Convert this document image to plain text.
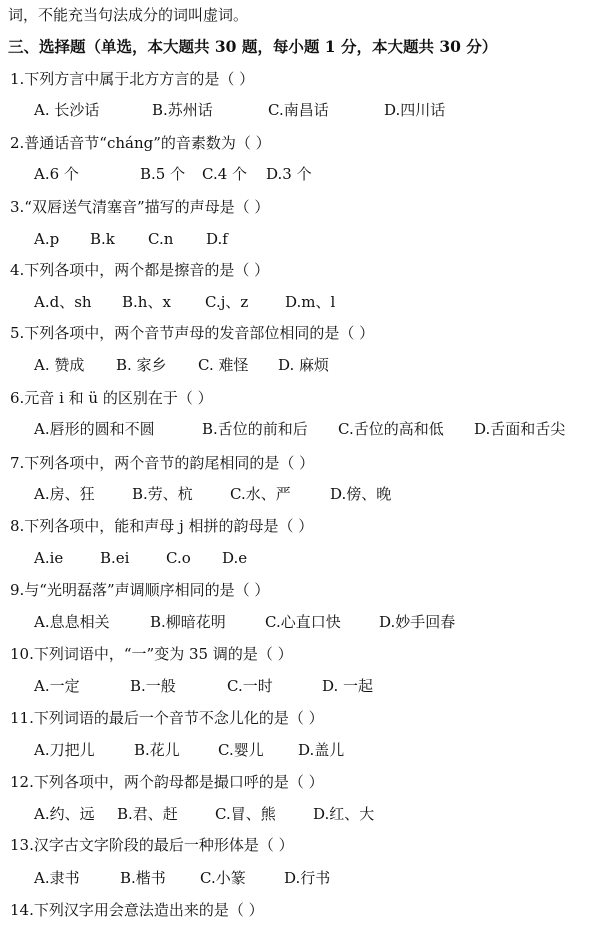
词，不能充当句法成分的词叫虚词。
三、选择题（单选，本大题共 30 题，每小题 1 分，本大题共 30 分）
1.下列方言中属于北方方言的是（ ）
A. 长沙话	B.苏州话	C.南昌话	D.四川话
2.普通话音节“cháng”的音素数为（ ）
A.6 个	B.5 个 C.4 个 D.3 个
3.“双唇送气清塞音”描写的声母是（ ）
A.p B.k C.n D.f
4.下列各项中，两个都是擦音的是（ ）
A.d、sh B.h、x C.j、z D.m、l
5.下列各项中，两个音节声母的发音部位相同的是（ ）
A. 赞成 B. 家乡 C. 难怪 D. 麻烦
6.元音 i 和 ü 的区别在于（ ）
A.唇形的圆和不圆	B.舌位的前和后 C.舌位的高和低 D.舌面和舌尖
7.下列各项中，两个音节的韵尾相同的是（ ）
A.房、狂 B.劳、杭 C.水、严	D.傍、晚
8.下列各项中，能和声母 j 相拼的韵母是（ ）
A.ie B.ei C.o D.e
9.与“光明磊落”声调顺序相同的是（ ）
A.息息相关	B.柳暗花明	C.心直口快	D.妙手回春
10.下列词语中，“一”变为 35 调的是（ ）
A.一定	B.一般	C.一时	D. 一起
11.下列词语的最后一个音节不念儿化的是（ ）
A.刀把儿	B.花儿	C.婴儿 D.盖儿
12.下列各项中，两个韵母都是撮口呼的是（ ）
A.约、远 B.君、赶 C.冒、熊 D.红、大
13.汉字古文字阶段的最后一种形体是（ ）
A.隶书	B.楷书 C.小篆	D.行书
14.下列汉字用会意法造出来的是（ ）
